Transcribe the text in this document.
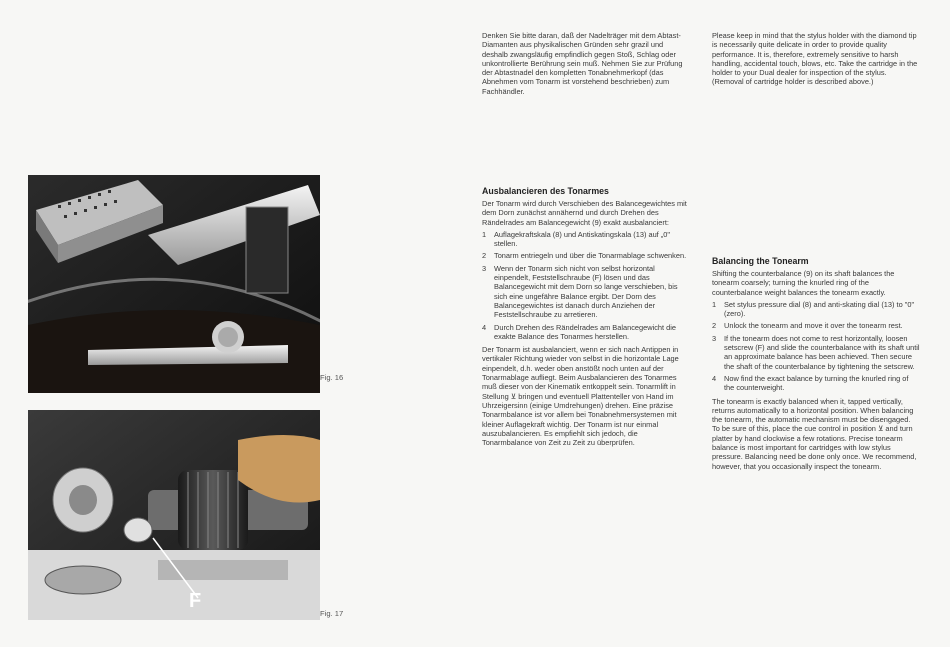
Denken Sie bitte daran, daß der Nadelträger mit dem Abtast-Diamanten aus physikalischen Gründen sehr grazil und deshalb zwangsläufig empfindlich gegen Stoß, Schlag oder unkontrollierte Berührung sein muß. Nehmen Sie zur Prüfung der Abtastnadel den kompletten Tonabnehmerkopf (das Abnehmen vom Tonarm ist vorstehend beschrieben) zum Fachhändler.

Please keep in mind that the stylus holder with the diamond tip is necessarily quite delicate in order to provide quality performance. It is, therefore, extremely sensitive to harsh handling, accidental touch, blows, etc. Take the cartridge in the holder to your Dual dealer for inspection of the stylus. (Removal of cartridge holder is described above.)

Fig. 16
F
Fig. 17
Ausbalancieren des Tonarmes

Der Tonarm wird durch Verschieben des Balancegewichtes mit dem Dorn zunächst annähernd und durch Drehen des Rändelrades am Balancegewicht (9) exakt ausbalanciert:

1 Auflagekraftskala (8) und Antiskatingskala (13) auf „0" stellen.
2 Tonarm entriegeln und über die Tonarmablage schwenken.
3 Wenn der Tonarm sich nicht von selbst horizontal einpendelt, Feststellschraube (F) lösen und das Balancegewicht mit dem Dorn so lange verschieben, bis sich eine ungefähre Balance ergibt. Der Dorn des Balancegewichtes ist danach durch Anziehen der Feststellschraube zu arretieren.
4 Durch Drehen des Rändelrades am Balancegewicht die exakte Balance des Tonarmes herstellen.

Der Tonarm ist ausbalanciert, wenn er sich nach Antippen in vertikaler Richtung wieder von selbst in die horizontale Lage einpendelt, d.h. weder oben anstößt noch unten auf der Tonarmablage aufliegt. Beim Ausbalancieren des Tonarmes muß dieser von der Kinematik entkoppelt sein. Tonarmlift in Stellung ⊻ bringen und eventuell Plattenteller von Hand im Uhrzeigersinn (einige Umdrehungen) drehen. Eine präzise Tonarmbalance ist vor allem bei Tonabnehmersystemen mit kleiner Auflagekraft wichtig. Der Tonarm ist nur einmal auszubalancieren. Es empfiehlt sich jedoch, die Tonarmbalance von Zeit zu Zeit zu überprüfen.

Balancing the Tonearm

Shifting the counterbalance (9) on its shaft balances the tonearm coarsely; turning the knurled ring of the counterbalance weight balances the tonearm exactly.

1 Set stylus pressure dial (8) and anti-skating dial (13) to "0" (zero).
2 Unlock the tonearm and move it over the tonearm rest.
3 If the tonearm does not come to rest horizontally, loosen setscrew (F) and slide the counterbalance with its shaft until an approximate balance has been achieved. Then secure the shaft of the counterbalance by tightening the setscrew.
4 Now find the exact balance by turning the knurled ring of the counterweight.

The tonearm is exactly balanced when it, tapped vertically, returns automatically to a horizontal position. When balancing the tonearm, the automatic mechanism must be disengaged. To be sure of this, place the cue control in position ⊻ and turn platter by hand clockwise a few rotations. Precise tonearm balance is most important for cartridges with low stylus pressure. Balancing need be done only once. We recommend, however, that you occasionally inspect the tonearm.
